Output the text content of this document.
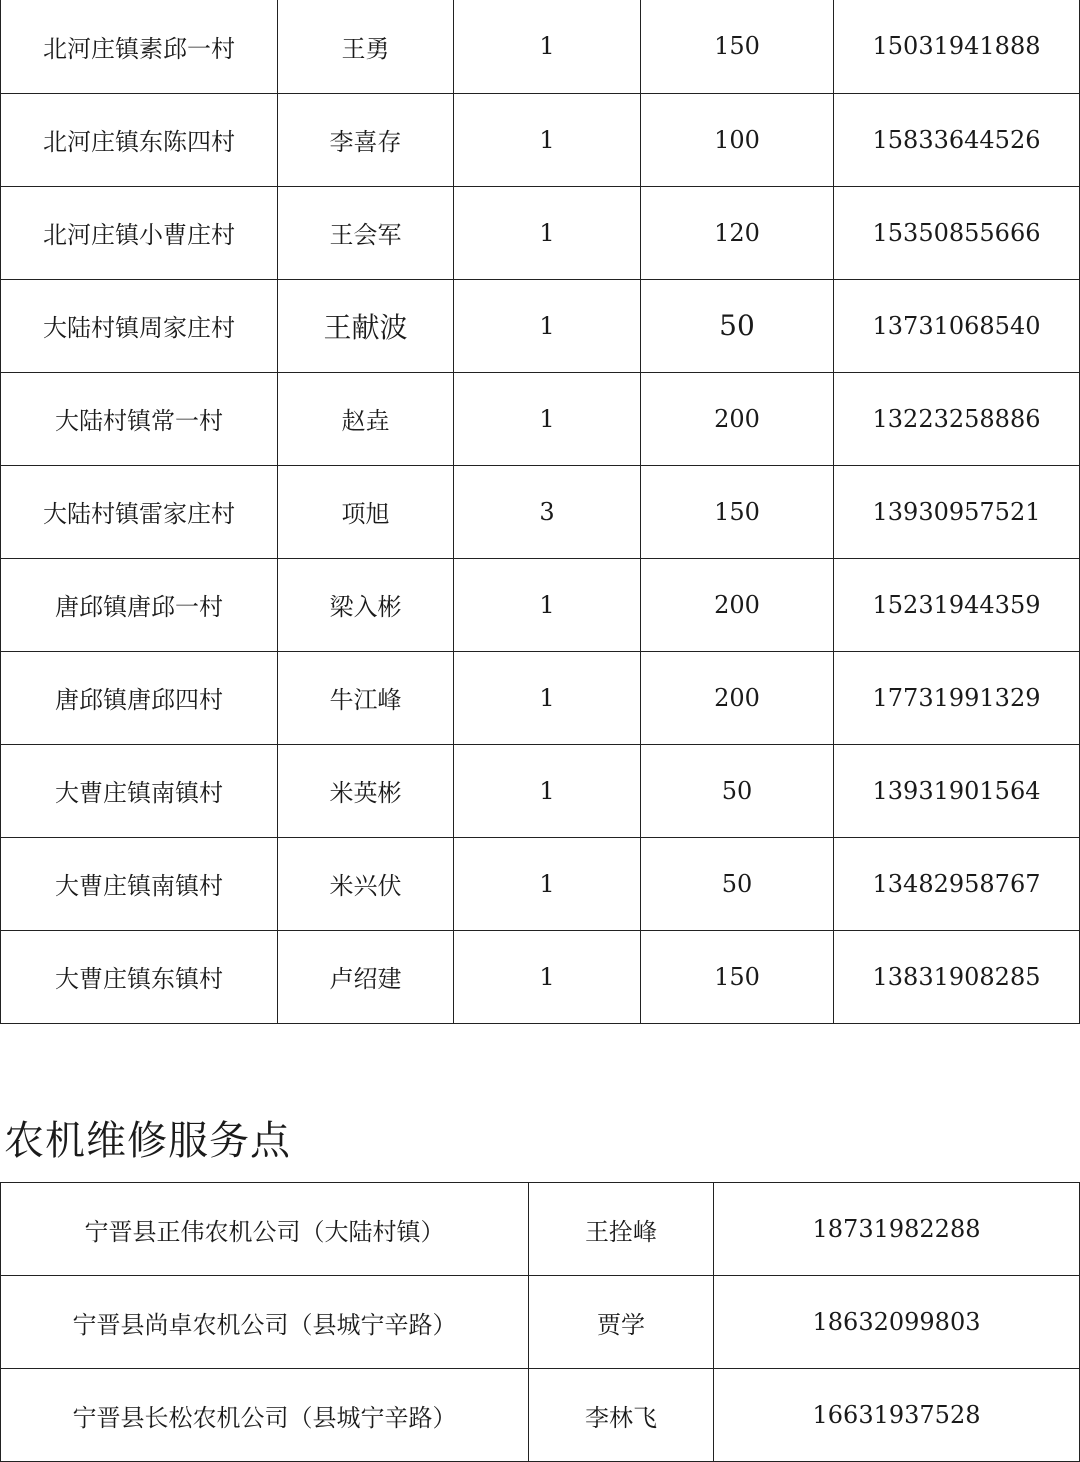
北河庄镇素邱一村	王勇	1	150	15031941888
北河庄镇东陈四村	李喜存	1	100	15833644526
北河庄镇小曹庄村	王会军	1	120	15350855666
大陆村镇周家庄村	王献波	1	50	13731068540
大陆村镇常一村	赵垚	1	200	13223258886
大陆村镇雷家庄村	项旭	3	150	13930957521
唐邱镇唐邱一村	梁入彬	1	200	15231944359
唐邱镇唐邱四村	牛江峰	1	200	17731991329
大曹庄镇南镇村	米英彬	1	50	13931901564
大曹庄镇南镇村	米兴伏	1	50	13482958767
大曹庄镇东镇村	卢绍建	1	150	13831908285
农机维修服务点
宁晋县正伟农机公司（大陆村镇）	王拴峰	18731982288
宁晋县尚卓农机公司（县城宁辛路）	贾学	18632099803
宁晋县长松农机公司（县城宁辛路）	李林飞	16631937528
